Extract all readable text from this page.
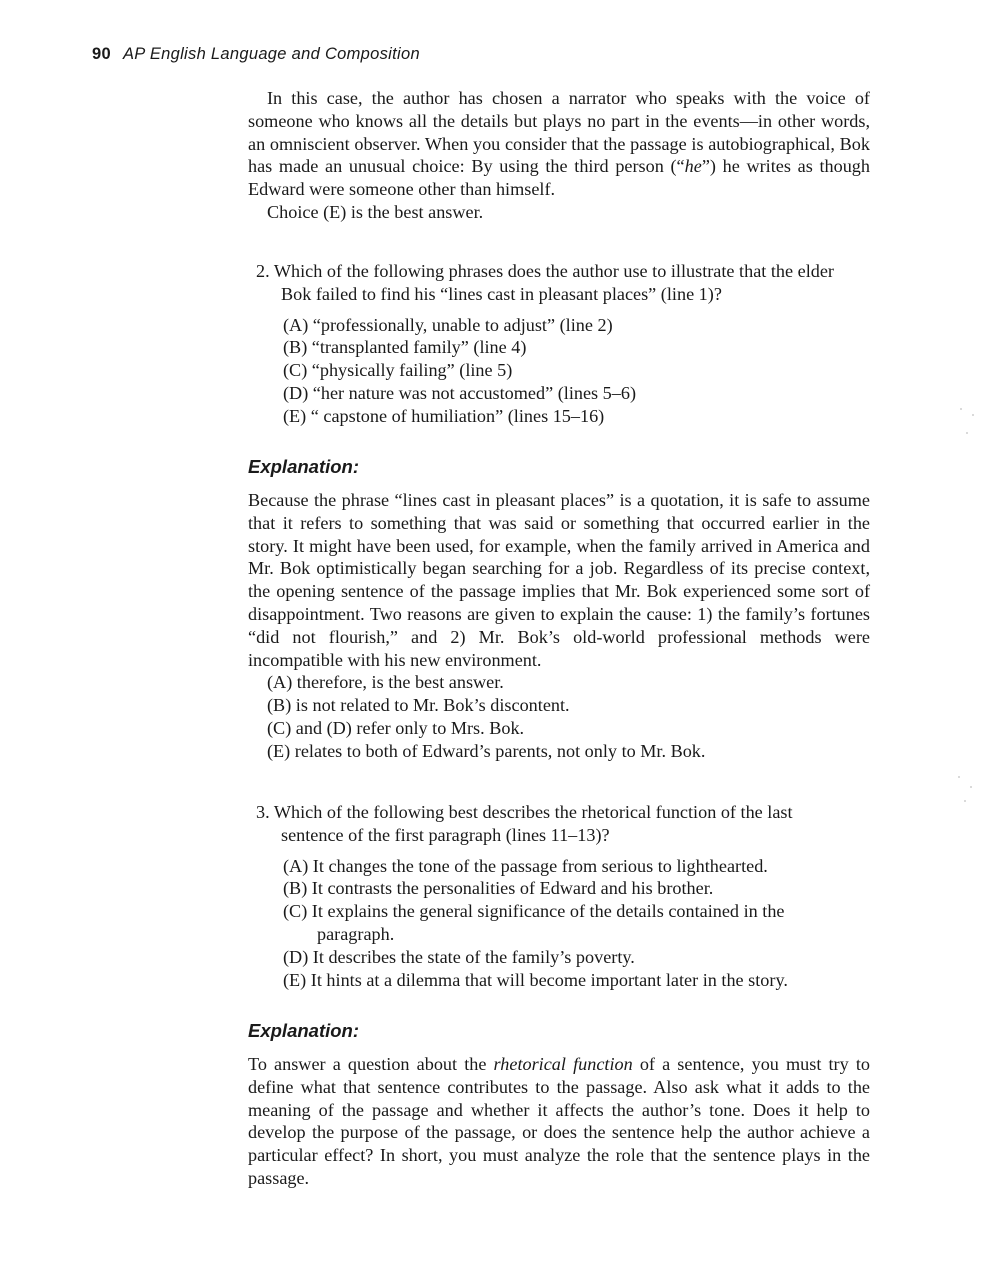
90 AP English Language and Composition

In this case, the author has chosen a narrator who speaks with the voice of someone who knows all the details but plays no part in the events—in other words, an omniscient observer. When you consider that the passage is autobiographical, Bok has made an unusual choice: By using the third person (“he”) he writes as though Edward were someone other than himself.

Choice (E) is the best answer.

2. Which of the following phrases does the author use to illustrate that the elder Bok failed to find his “lines cast in pleasant places” (line 1)?

(A) “professionally, unable to adjust” (line 2)
(B) “transplanted family” (line 4)
(C) “physically failing” (line 5)
(D) “her nature was not accustomed” (lines 5–6)
(E) “ capstone of humiliation” (lines 15–16)
Explanation:

Because the phrase “lines cast in pleasant places” is a quotation, it is safe to assume that it refers to something that was said or something that occurred earlier in the story. It might have been used, for example, when the family arrived in America and Mr. Bok optimistically began searching for a job. Regardless of its precise context, the opening sentence of the passage implies that Mr. Bok experienced some sort of disappointment. Two reasons are given to explain the cause: 1) the family’s fortunes “did not flourish,” and 2) Mr. Bok’s old-world professional methods were incompatible with his new environment.

(A) therefore, is the best answer.

(B) is not related to Mr. Bok’s discontent.

(C) and (D) refer only to Mrs. Bok.

(E) relates to both of Edward’s parents, not only to Mr. Bok.

3. Which of the following best describes the rhetorical function of the last sentence of the first paragraph (lines 11–13)?

(A) It changes the tone of the passage from serious to lighthearted.
(B) It contrasts the personalities of Edward and his brother.
(C) It explains the general significance of the details contained in the paragraph.
(D) It describes the state of the family’s poverty.
(E) It hints at a dilemma that will become important later in the story.
Explanation:

To answer a question about the rhetorical function of a sentence, you must try to define what that sentence contributes to the passage. Also ask what it adds to the meaning of the passage and whether it affects the author’s tone. Does it help to develop the purpose of the passage, or does the sentence help the author achieve a particular effect? In short, you must analyze the role that the sentence plays in the passage.
